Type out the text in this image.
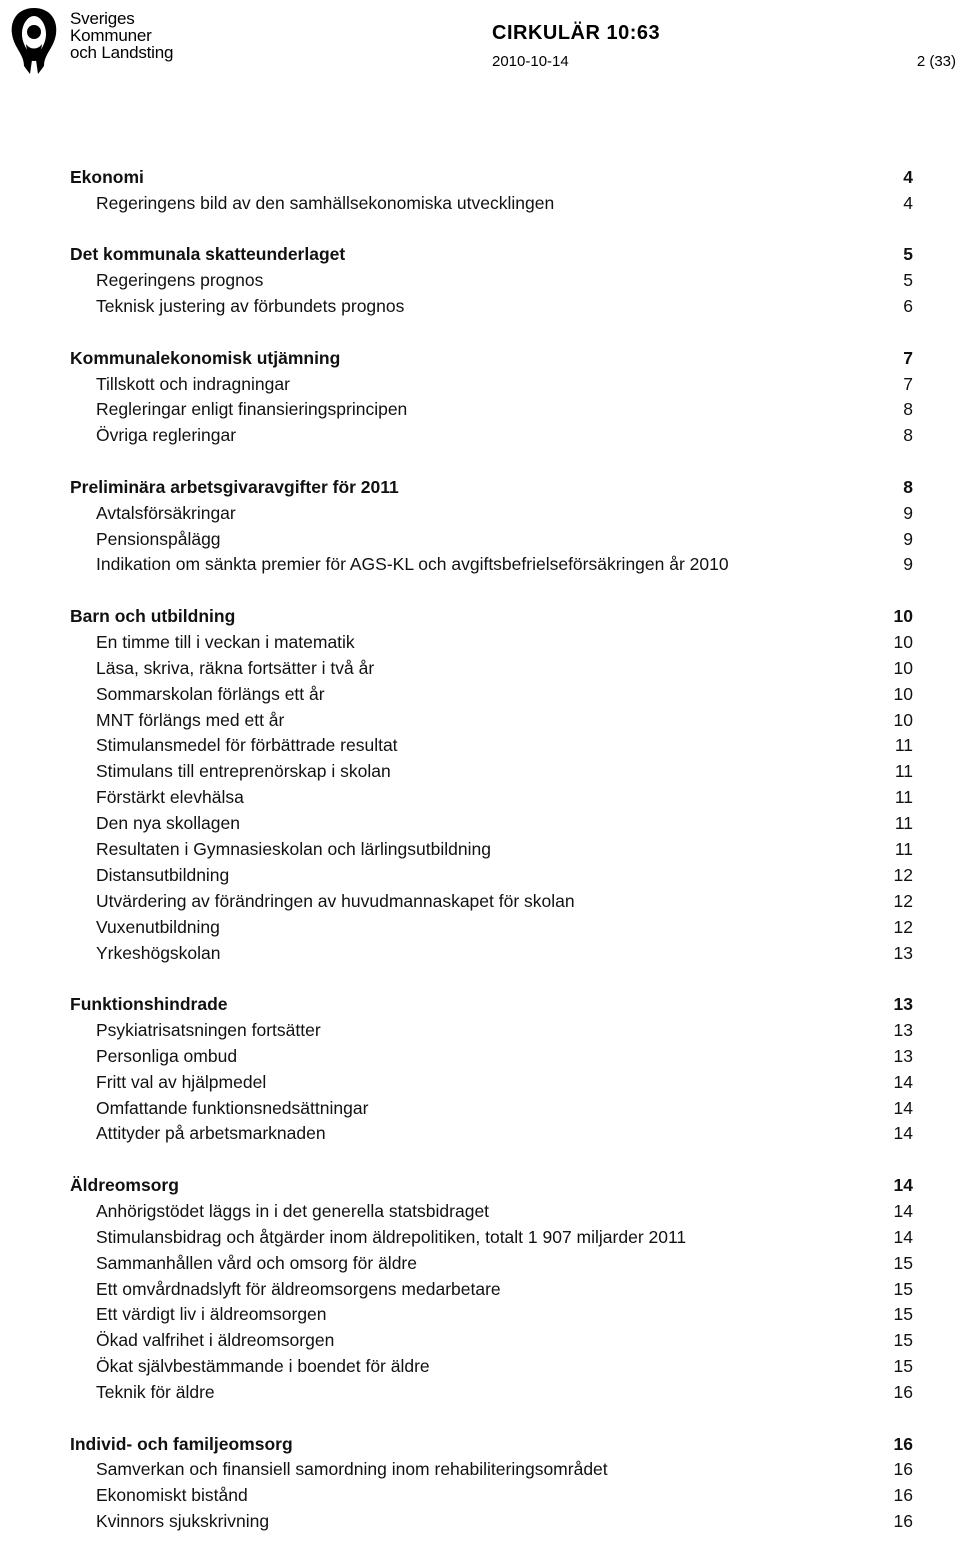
Sveriges
Kommuner
och Landsting
CIRKULÄR 10:63
2010-10-14	2 (33)
Ekonomi	4
Regeringens bild av den samhällsekonomiska utvecklingen	4
Det kommunala skatteunderlaget	5
Regeringens prognos	5
Teknisk justering av förbundets prognos	6
Kommunalekonomisk utjämning	7
Tillskott och indragningar	7
Regleringar enligt finansieringsprincipen	8
Övriga regleringar	8
Preliminära arbetsgivaravgifter för 2011	8
Avtalsförsäkringar	9
Pensionspålägg	9
Indikation om sänkta premier för AGS-KL och avgiftsbefrielseförsäkringen år 2010	9
Barn och utbildning	10
En timme till i veckan i matematik	10
Läsa, skriva, räkna fortsätter i två år	10
Sommarskolan förlängs ett år	10
MNT förlängs med ett år	10
Stimulansmedel för förbättrade resultat	11
Stimulans till entreprenörskap i skolan	11
Förstärkt elevhälsa	11
Den nya skollagen	11
Resultaten i Gymnasieskolan och lärlingsutbildning	11
Distansutbildning	12
Utvärdering av förändringen av huvudmannaskapet för skolan	12
Vuxenutbildning	12
Yrkeshögskolan	13
Funktionshindrade	13
Psykiatrisatsningen fortsätter	13
Personliga ombud	13
Fritt val av hjälpmedel	14
Omfattande funktionsnedsättningar	14
Attityder på arbetsmarknaden	14
Äldreomsorg	14
Anhörigstödet läggs in i det generella statsbidraget	14
Stimulansbidrag och åtgärder inom äldrepolitiken, totalt 1 907 miljarder 2011	14
Sammanhållen vård och omsorg för äldre	15
Ett omvårdnadslyft för äldreomsorgens medarbetare	15
Ett värdigt liv i äldreomsorgen	15
Ökad valfrihet i äldreomsorgen	15
Ökat självbestämmande i boendet för äldre	15
Teknik för äldre	16
Individ- och familjeomsorg	16
Samverkan och finansiell samordning inom rehabiliteringsområdet	16
Ekonomiskt bistånd	16
Kvinnors sjukskrivning	16
